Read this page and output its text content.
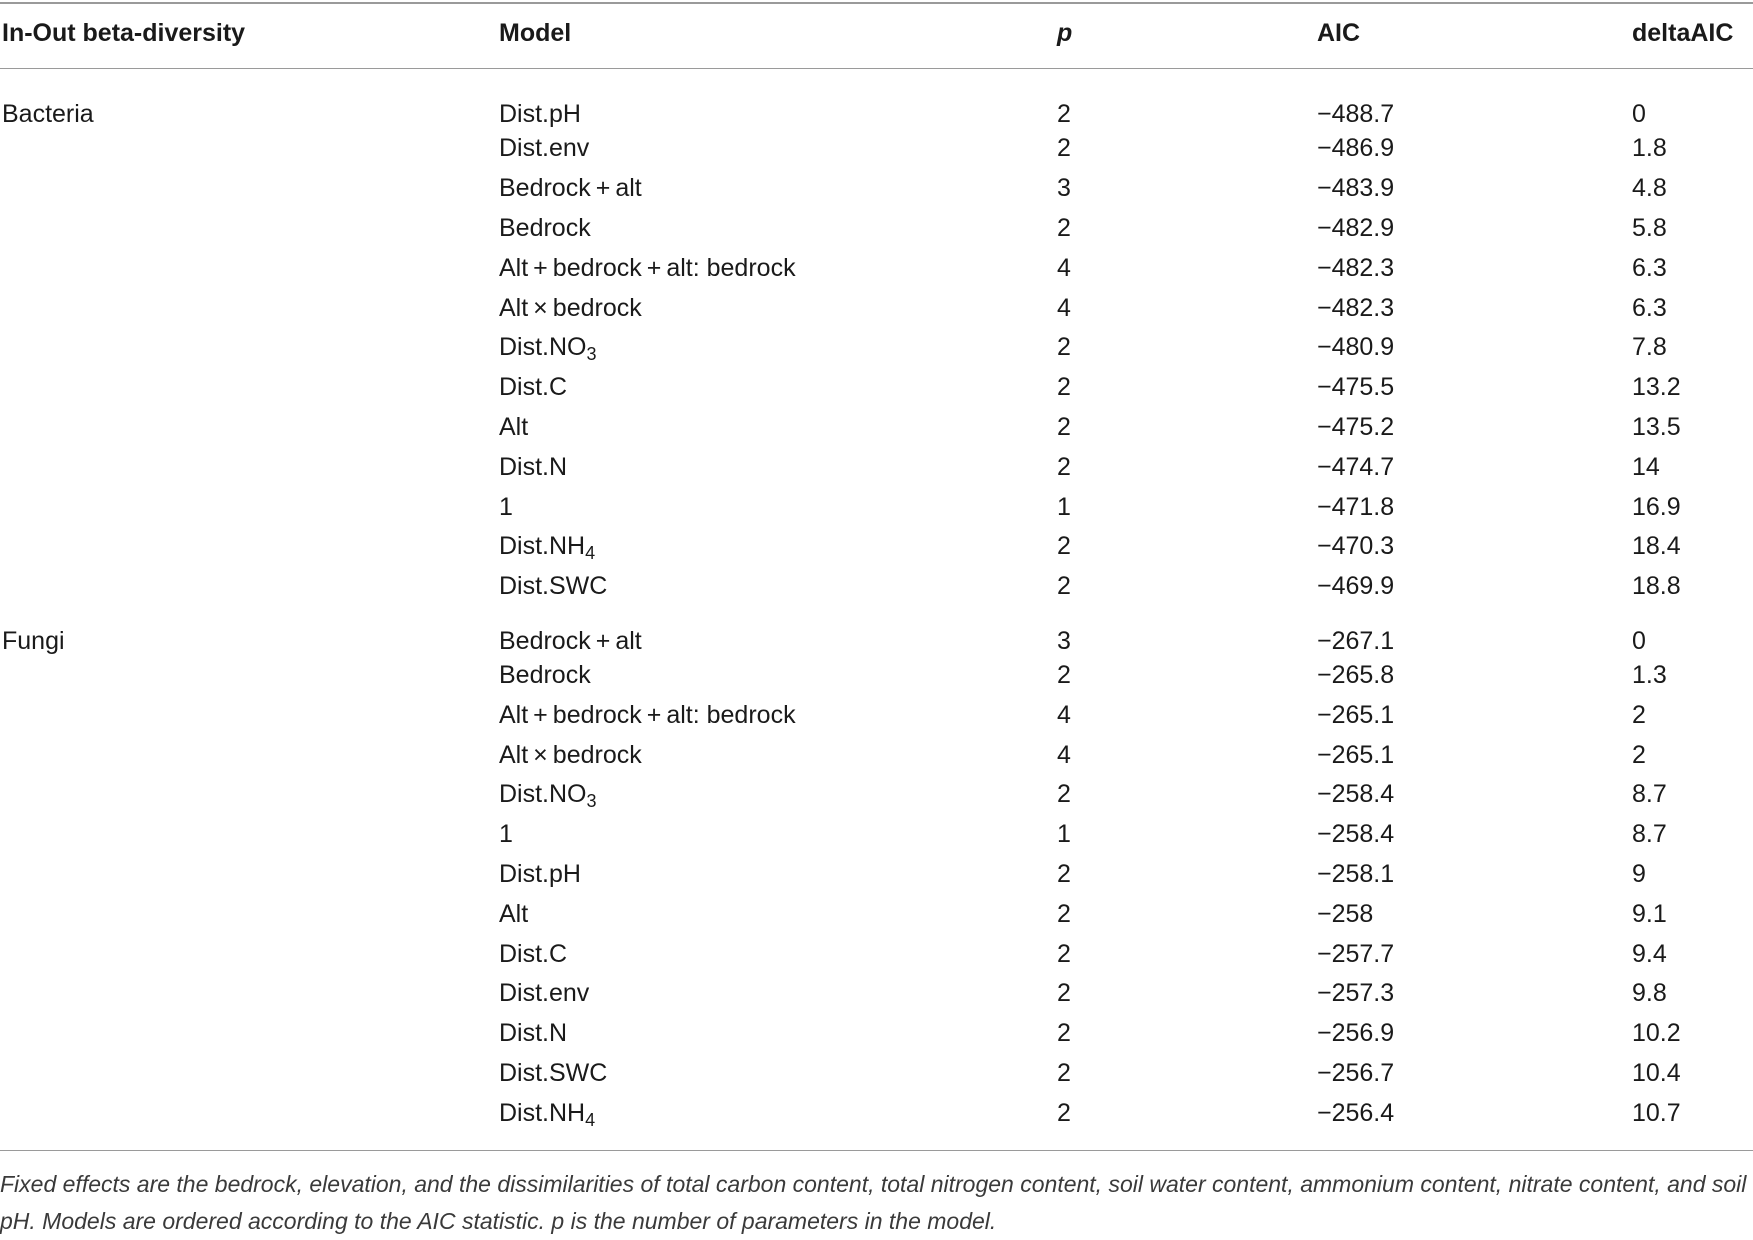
In-Out beta-diversity	Model	p	AIC	deltaAIC
Bacteria	Dist.pH	2	−488.7	0
	Dist.env	2	−486.9	1.8
	Bedrock + alt	3	−483.9	4.8
	Bedrock	2	−482.9	5.8
	Alt + bedrock + alt: bedrock	4	−482.3	6.3
	Alt × bedrock	4	−482.3	6.3
	$Dist.NO_3$	2	−480.9	7.8
	Dist.C	2	−475.5	13.2
	Alt	2	−475.2	13.5
	Dist.N	2	−474.7	14
	1	1	−471.8	16.9
	$Dist.NH_4$	2	−470.3	18.4
	Dist.SWC	2	−469.9	18.8
Fungi	Bedrock + alt	3	−267.1	0
	Bedrock	2	−265.8	1.3
	Alt + bedrock + alt: bedrock	4	−265.1	2
	Alt × bedrock	4	−265.1	2
	$Dist.NO_3$	2	−258.4	8.7
	1	1	−258.4	8.7
	Dist.pH	2	−258.1	9
	Alt	2	−258	9.1
	Dist.C	2	−257.7	9.4
	Dist.env	2	−257.3	9.8
	Dist.N	2	−256.9	10.2
	Dist.SWC	2	−256.7	10.4
	$Dist.NH_4$	2	−256.4	10.7

Fixed effects are the bedrock, elevation, and the dissimilarities of total carbon content, total nitrogen content, soil water content, ammonium content, nitrate content, and soil pH. Models are ordered according to the AIC statistic. p is the number of parameters in the model.
